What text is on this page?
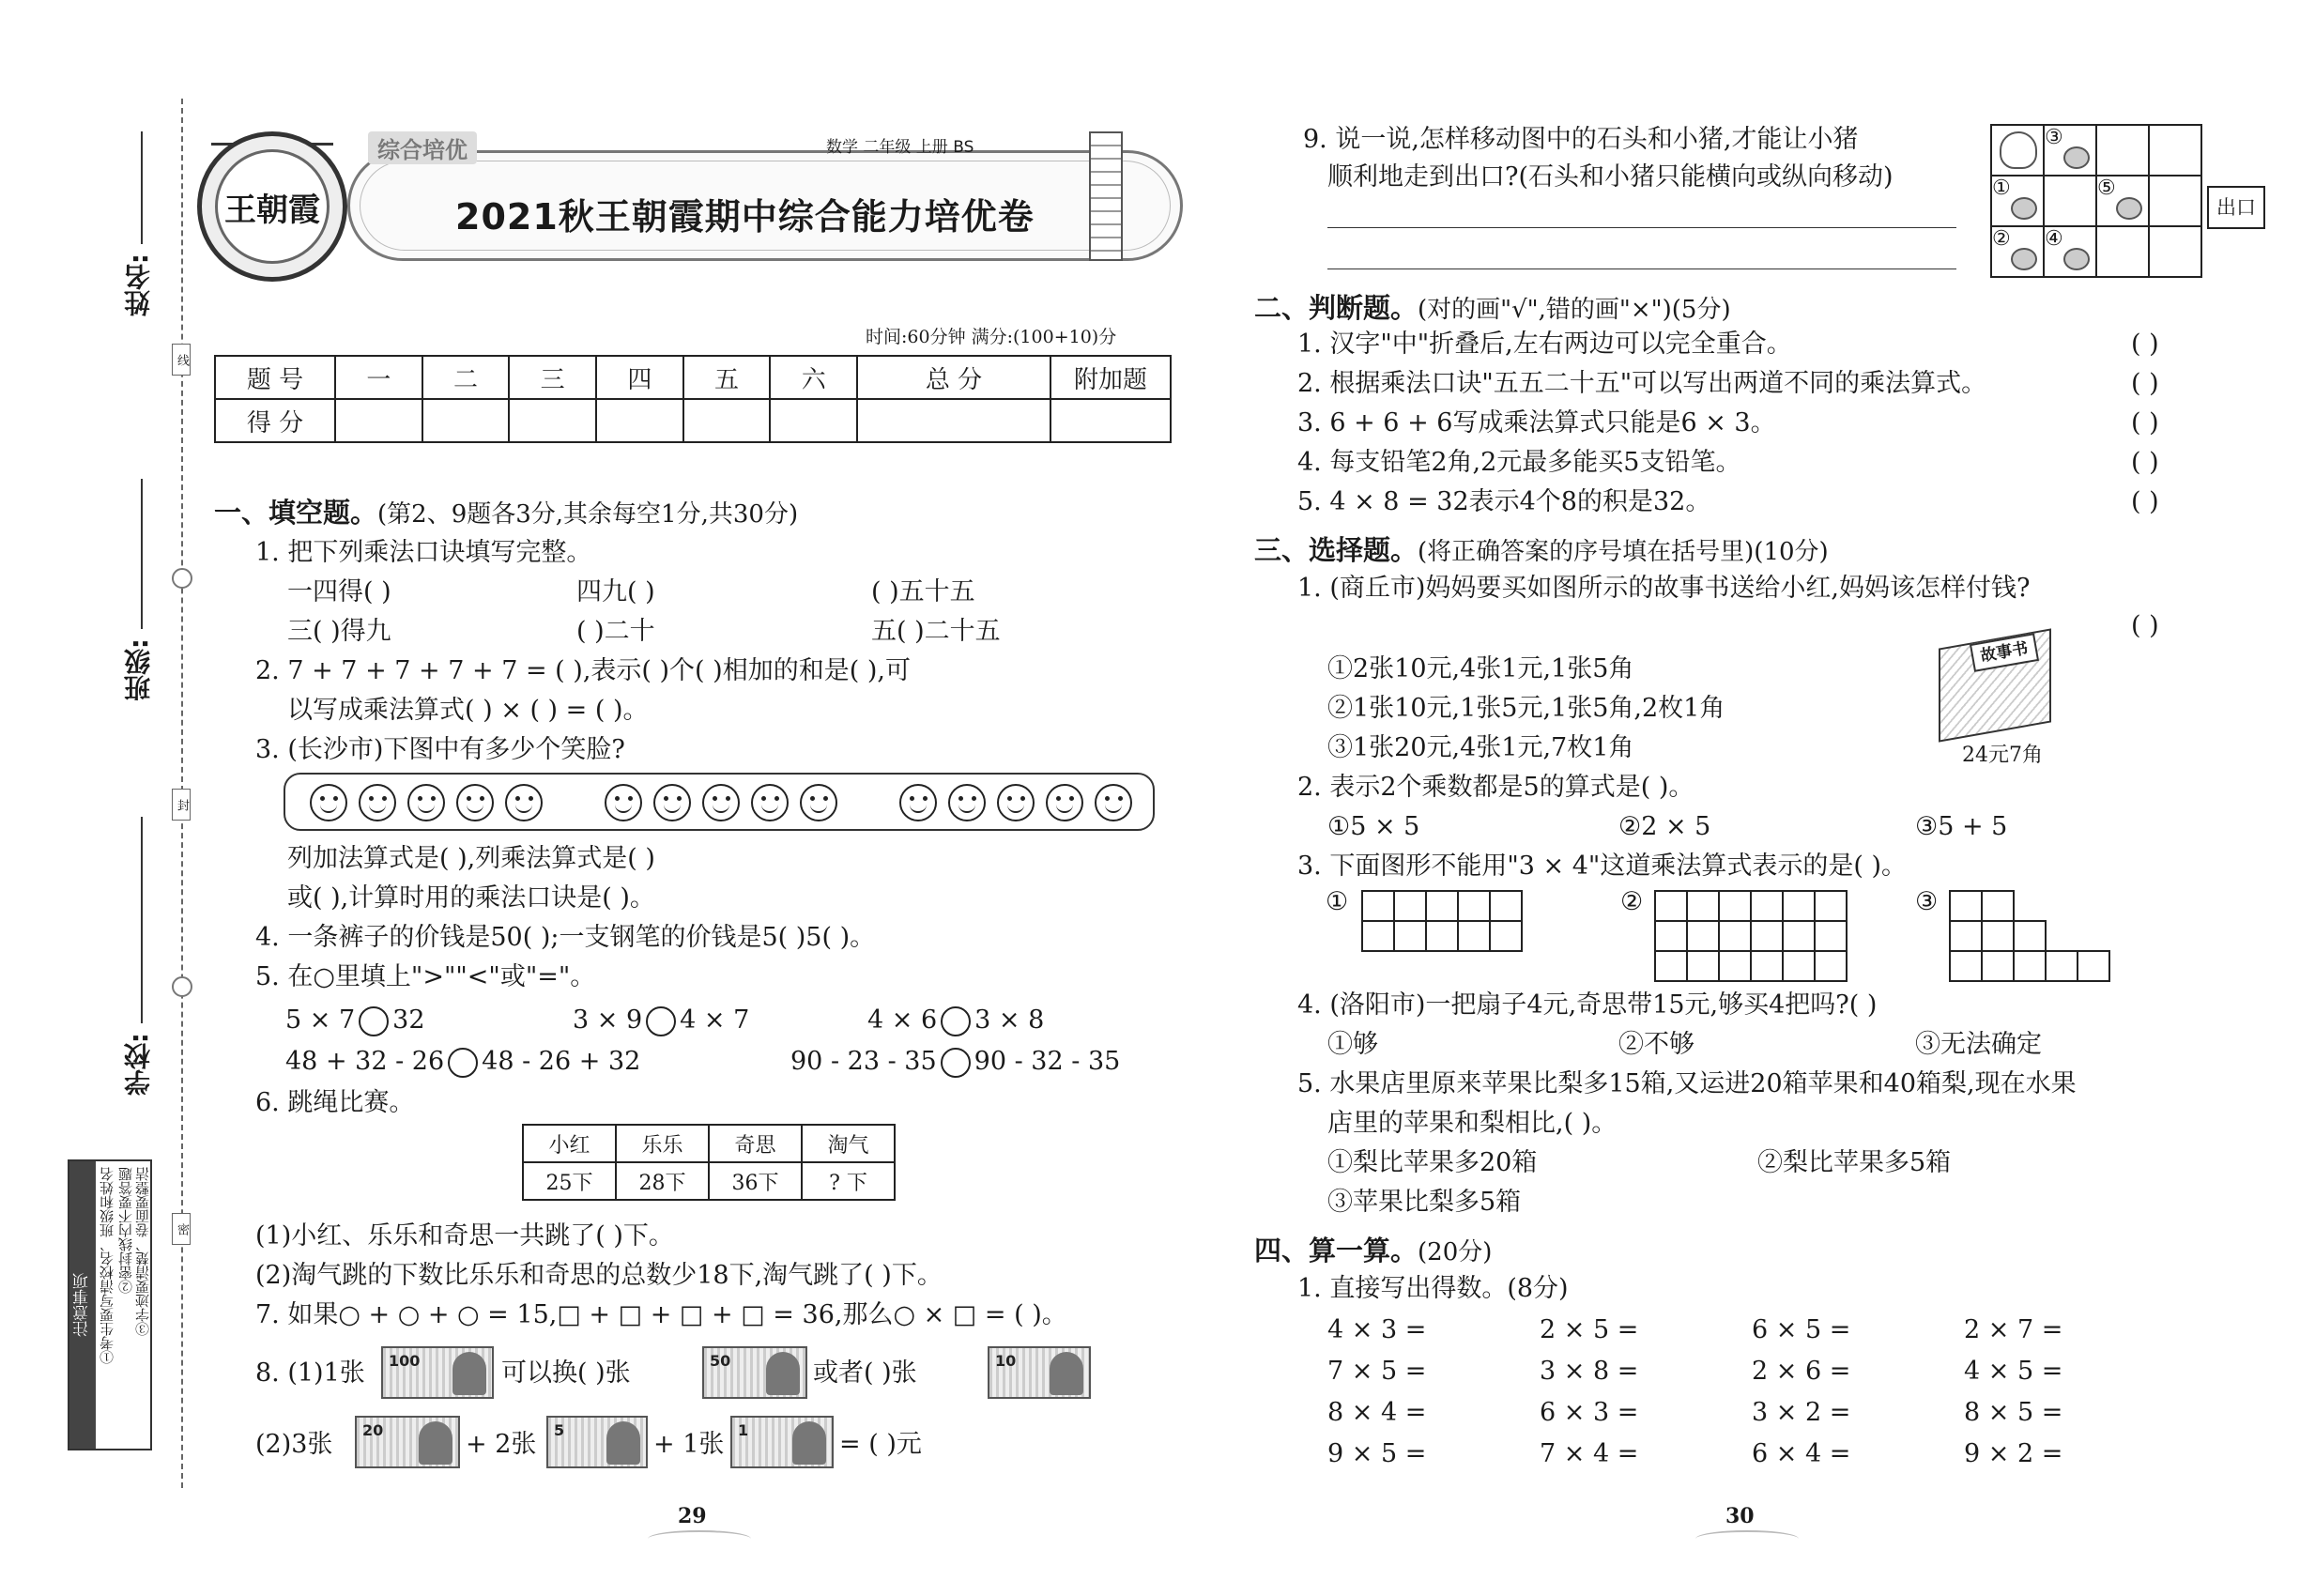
姓名:
班级:
学校:
线
封
密
注意事项 ①考生要写清校名、班级和姓名 ②密封线内不要答题 ③字迹要清楚、卷面要整洁
王朝霞
综合培优	数学 二年级 上册 BS
2021秋王朝霞期中综合能力培优卷
时间:60分钟 满分:(100+10)分
题 号	一	二	三	四	五	六	总 分	附加题
得 分								
一、填空题。(第2、9题各3分,其余每空1分,共30分)
1. 把下列乘法口诀填写完整。
一四得( )	四九( )	( )五十五
三( )得九	( )二十	五( )二十五
2. 7 + 7 + 7 + 7 + 7 = ( ),表示( )个( )相加的和是( ),可
以写成乘法算式( ) × ( ) = ( )。
3. (长沙市)下图中有多少个笑脸?
列加法算式是( ),列乘法算式是( )
或( ),计算时用的乘法口诀是( )。
4. 一条裤子的价钱是50( );一支钢笔的价钱是5( )5( )。
5. 在○里填上">""<"或"="。
5 × 7 32	3 × 9 4 × 7	4 × 6 3 × 8
48 + 32 - 26 48 - 26 + 32	90 - 23 - 35 90 - 32 - 35
6. 跳绳比赛。
小红	乐乐	奇思	淘气
25下	28下	36下	? 下
(1)小红、乐乐和奇思一共跳了( )下。
(2)淘气跳的下数比乐乐和奇思的总数少18下,淘气跳了( )下。
7. 如果○ + ○ + ○ = 15,□ + □ + □ + □ = 36,那么○ × □ = ( )。
8. (1)1张 100	可以换( )张	50	或者( )张	10
(2)3张 20	+ 2张 5	+ 1张 1	= ( )元
29	30
9. 说一说,怎样移动图中的石头和小猪,才能让小猪
顺利地走到出口?(石头和小猪只能横向或纵向移动)
	③

①		⑤

②	④

出口
二、判断题。(对的画"√",错的画"×")(5分)
1. 汉字"中"折叠后,左右两边可以完全重合。	( )
2. 根据乘法口诀"五五二十五"可以写出两道不同的乘法算式。	( )
3. 6 + 6 + 6写成乘法算式只能是6 × 3。	( )
4. 每支铅笔2角,2元最多能买5支铅笔。	( )
5. 4 × 8 = 32表示4个8的积是32。	( )
三、选择题。(将正确答案的序号填在括号里)(10分)
1. (商丘市)妈妈要买如图所示的故事书送给小红,妈妈该怎样付钱?
( )
①2张10元,4张1元,1张5角
②1张10元,1张5元,1张5角,2枚1角
③1张20元,4张1元,7枚1角
故事书
24元7角
2. 表示2个乘数都是5的算式是( )。
①5 × 5	②2 × 5	③5 + 5
3. 下面图形不能用"3 × 4"这道乘法算式表示的是( )。
①

					②

						③

4. (洛阳市)一把扇子4元,奇思带15元,够买4把吗?( )
①够	②不够	③无法确定
5. 水果店里原来苹果比梨多15箱,又运进20箱苹果和40箱梨,现在水果
店里的苹果和梨相比,( )。
①梨比苹果多20箱	②梨比苹果多5箱
③苹果比梨多5箱
四、算一算。(20分)
1. 直接写出得数。(8分)
4 × 3 =	2 × 5 =	6 × 5 =	2 × 7 =
7 × 5 =	3 × 8 =	2 × 6 =	4 × 5 =
8 × 4 =	6 × 3 =	3 × 2 =	8 × 5 =
9 × 5 =	7 × 4 =	6 × 4 =	9 × 2 =
